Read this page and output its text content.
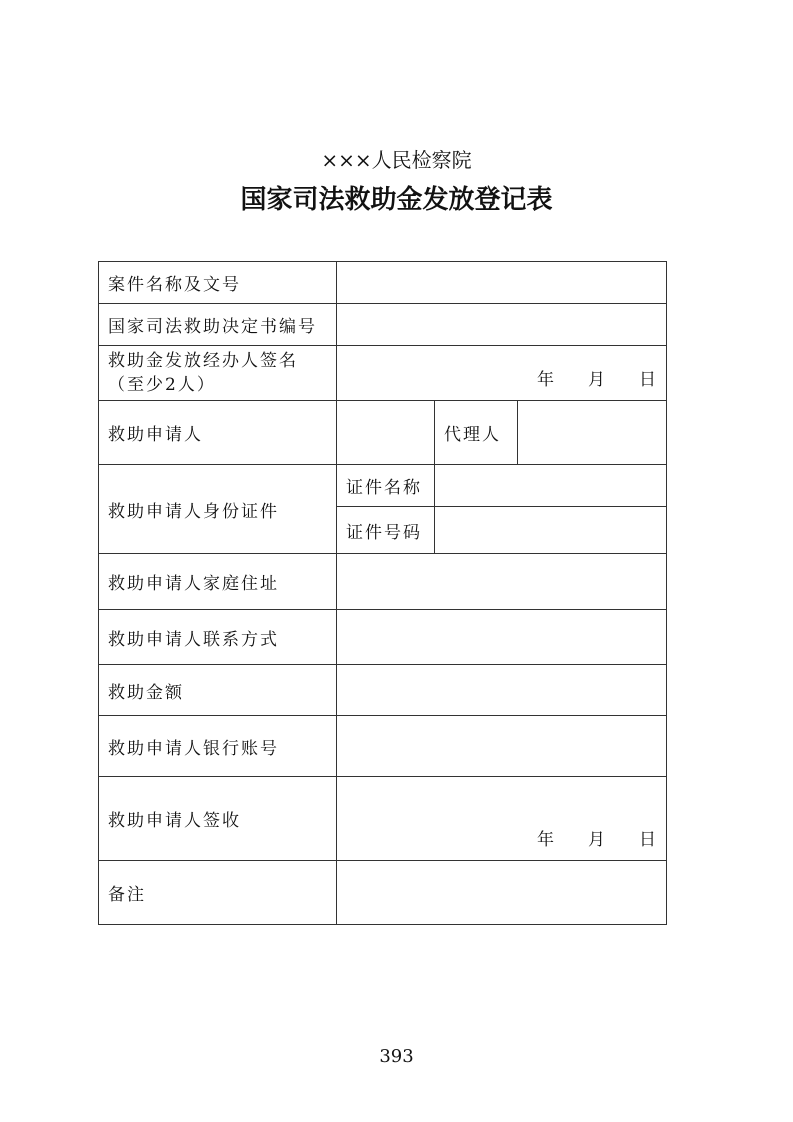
×××人民检察院
国家司法救助金发放登记表
案件名称及文号			
国家司法救助决定书编号			

救助金发放经办人签名
（至少2人）	年 月 日		

救助申请人		代理人	
救助申请人身份证件	证件名称		
	证件号码		
救助申请人家庭住址			
救助申请人联系方式			
救助金额			
救助申请人银行账号			
救助申请人签收	年 月 日		

备注			
393
